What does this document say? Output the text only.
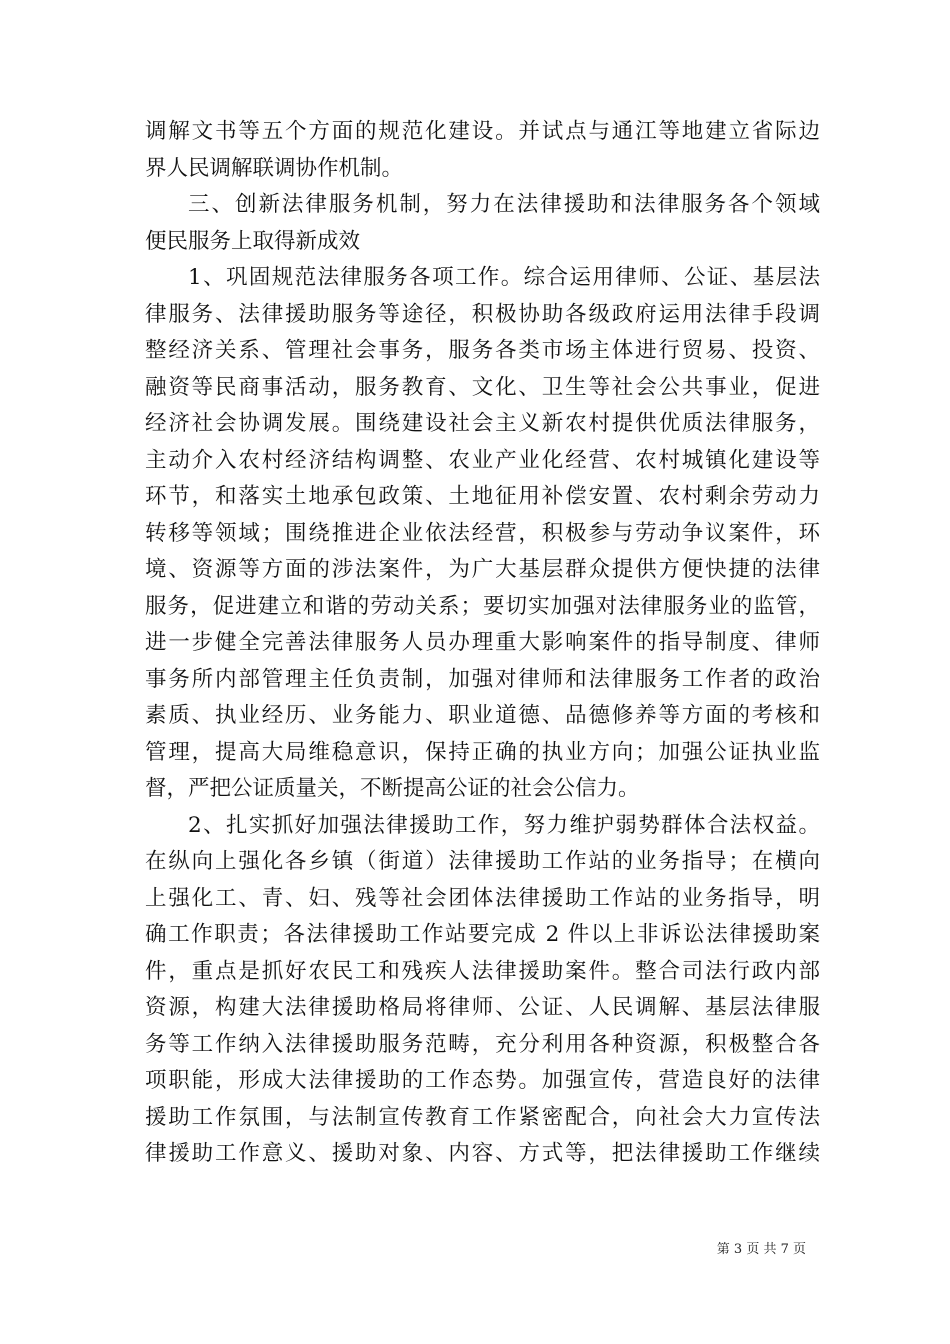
调解文书等五个方面的规范化建设。并试点与通江等地建立省际边
界人民调解联调协作机制。
三、创新法律服务机制，努力在法律援助和法律服务各个领域
便民服务上取得新成效
1、巩固规范法律服务各项工作。综合运用律师、公证、基层法
律服务、法律援助服务等途径，积极协助各级政府运用法律手段调
整经济关系、管理社会事务，服务各类市场主体进行贸易、投资、
融资等民商事活动，服务教育、文化、卫生等社会公共事业，促进
经济社会协调发展。围绕建设社会主义新农村提供优质法律服务，
主动介入农村经济结构调整、农业产业化经营、农村城镇化建设等
环节，和落实土地承包政策、土地征用补偿安置、农村剩余劳动力
转移等领域；围绕推进企业依法经营，积极参与劳动争议案件，环
境、资源等方面的涉法案件，为广大基层群众提供方便快捷的法律
服务，促进建立和谐的劳动关系；要切实加强对法律服务业的监管，
进一步健全完善法律服务人员办理重大影响案件的指导制度、律师
事务所内部管理主任负责制，加强对律师和法律服务工作者的政治
素质、执业经历、业务能力、职业道德、品德修养等方面的考核和
管理，提高大局维稳意识，保持正确的执业方向；加强公证执业监
督，严把公证质量关，不断提高公证的社会公信力。
2、扎实抓好加强法律援助工作，努力维护弱势群体合法权益。
在纵向上强化各乡镇（街道）法律援助工作站的业务指导；在横向
上强化工、青、妇、残等社会团体法律援助工作站的业务指导，明
确工作职责；各法律援助工作站要完成 2 件以上非诉讼法律援助案
件，重点是抓好农民工和残疾人法律援助案件。整合司法行政内部
资源，构建大法律援助格局将律师、公证、人民调解、基层法律服
务等工作纳入法律援助服务范畴，充分利用各种资源，积极整合各
项职能，形成大法律援助的工作态势。加强宣传，营造良好的法律
援助工作氛围，与法制宣传教育工作紧密配合，向社会大力宣传法
律援助工作意义、援助对象、内容、方式等，把法律援助工作继续
第 3 页 共 7 页
